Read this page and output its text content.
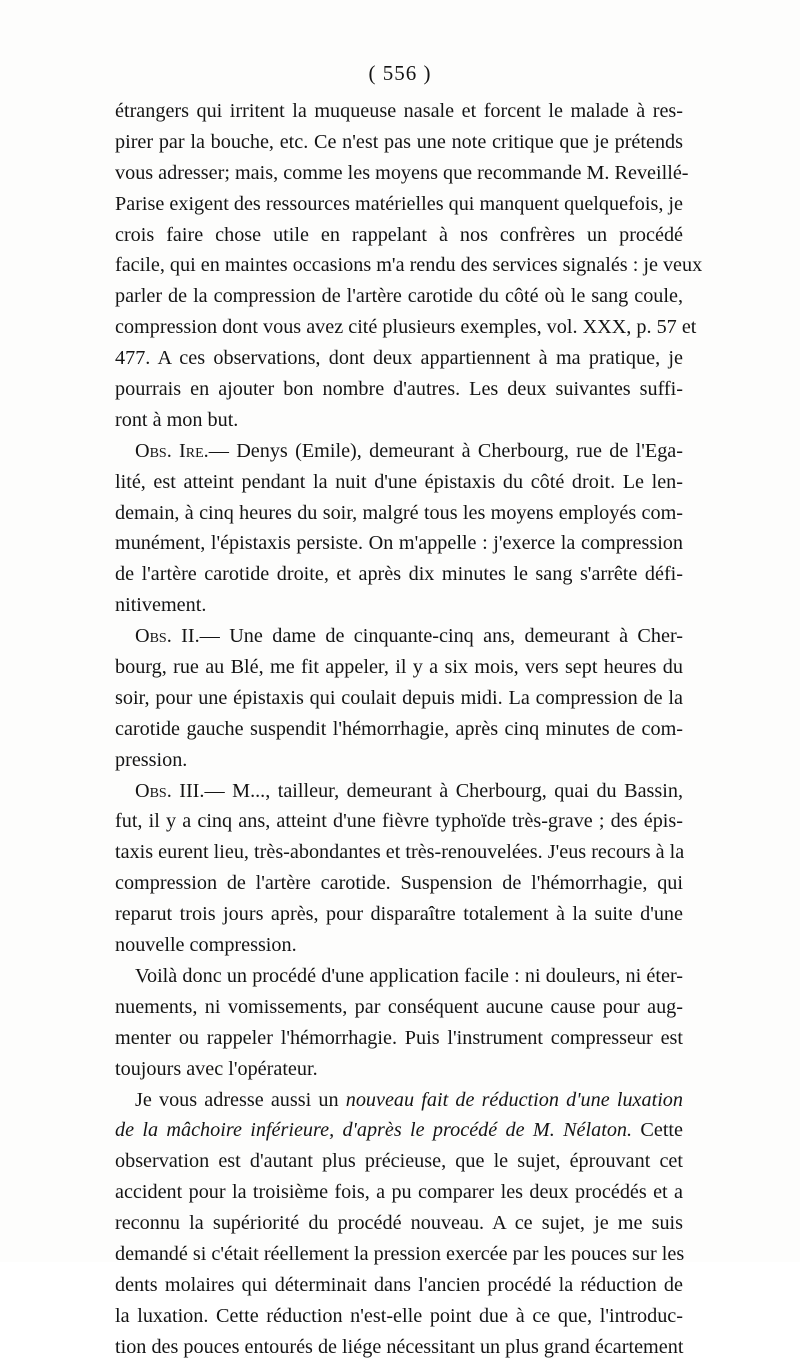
( 556 )
étrangers qui irritent la muqueuse nasale et forcent le malade à res-
pirer par la bouche, etc. Ce n'est pas une note critique que je prétends
vous adresser; mais, comme les moyens que recommande M. Reveillé-
Parise exigent des ressources matérielles qui manquent quelquefois, je
crois faire chose utile en rappelant à nos confrères un procédé
facile, qui en maintes occasions m'a rendu des services signalés : je veux
parler de la compression de l'artère carotide du côté où le sang coule,
compression dont vous avez cité plusieurs exemples, vol. XXX, p. 57 et
477. A ces observations, dont deux appartiennent à ma pratique, je
pourrais en ajouter bon nombre d'autres. Les deux suivantes suffi-
ront à mon but.
Obs. Ire.— Denys (Emile), demeurant à Cherbourg, rue de l'Ega-
lité, est atteint pendant la nuit d'une épistaxis du côté droit. Le len-
demain, à cinq heures du soir, malgré tous les moyens employés com-
munément, l'épistaxis persiste. On m'appelle : j'exerce la compression
de l'artère carotide droite, et après dix minutes le sang s'arrête défi-
nitivement.
Obs. II.— Une dame de cinquante-cinq ans, demeurant à Cher-
bourg, rue au Blé, me fit appeler, il y a six mois, vers sept heures du
soir, pour une épistaxis qui coulait depuis midi. La compression de la
carotide gauche suspendit l'hémorrhagie, après cinq minutes de com-
pression.
Obs. III.— M..., tailleur, demeurant à Cherbourg, quai du Bassin,
fut, il y a cinq ans, atteint d'une fièvre typhoïde très-grave ; des épis-
taxis eurent lieu, très-abondantes et très-renouvelées. J'eus recours à la
compression de l'artère carotide. Suspension de l'hémorrhagie, qui
reparut trois jours après, pour disparaître totalement à la suite d'une
nouvelle compression.
Voilà donc un procédé d'une application facile : ni douleurs, ni éter-
nuements, ni vomissements, par conséquent aucune cause pour aug-
menter ou rappeler l'hémorrhagie. Puis l'instrument compresseur est
toujours avec l'opérateur.
Je vous adresse aussi un nouveau fait de réduction d'une luxation
de la mâchoire inférieure, d'après le procédé de M. Nélaton. Cette
observation est d'autant plus précieuse, que le sujet, éprouvant cet
accident pour la troisième fois, a pu comparer les deux procédés et a
reconnu la supériorité du procédé nouveau. A ce sujet, je me suis
demandé si c'était réellement la pression exercée par les pouces sur les
dents molaires qui déterminait dans l'ancien procédé la réduction de
la luxation. Cette réduction n'est-elle point due à ce que, l'introduc-
tion des pouces entourés de liége nécessitant un plus grand écartement
